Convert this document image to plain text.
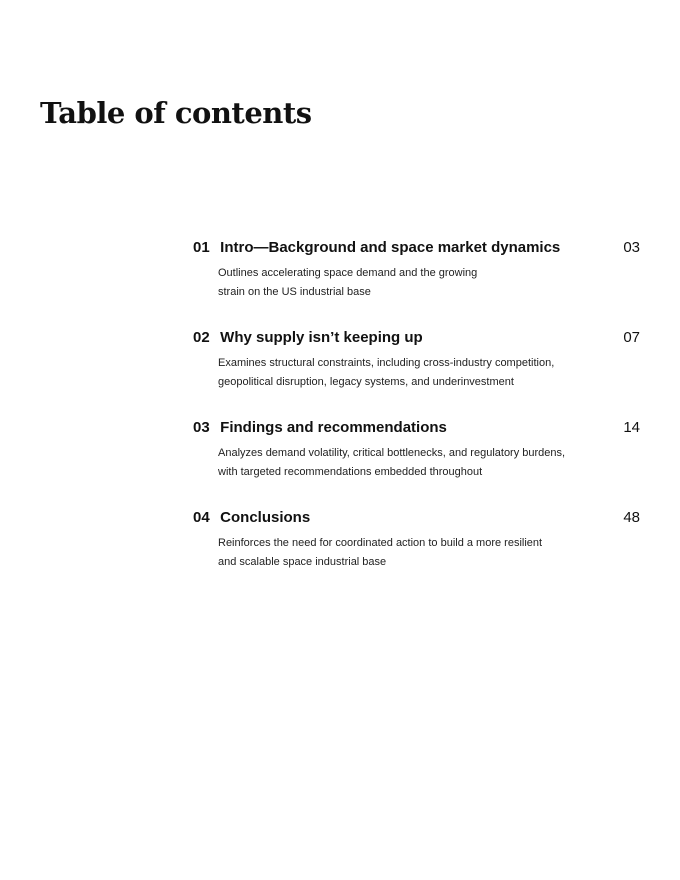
Table of contents
01 Intro—Background and space market dynamics	03
Outlines accelerating space demand and the growing
strain on the US industrial base
02 Why supply isn’t keeping up	07
Examines structural constraints, including cross-industry competition,
geopolitical disruption, legacy systems, and underinvestment
03 Findings and recommendations	14
Analyzes demand volatility, critical bottlenecks, and regulatory burdens,
with targeted recommendations embedded throughout
04 Conclusions	48
Reinforces the need for coordinated action to build a more resilient
and scalable space industrial base
